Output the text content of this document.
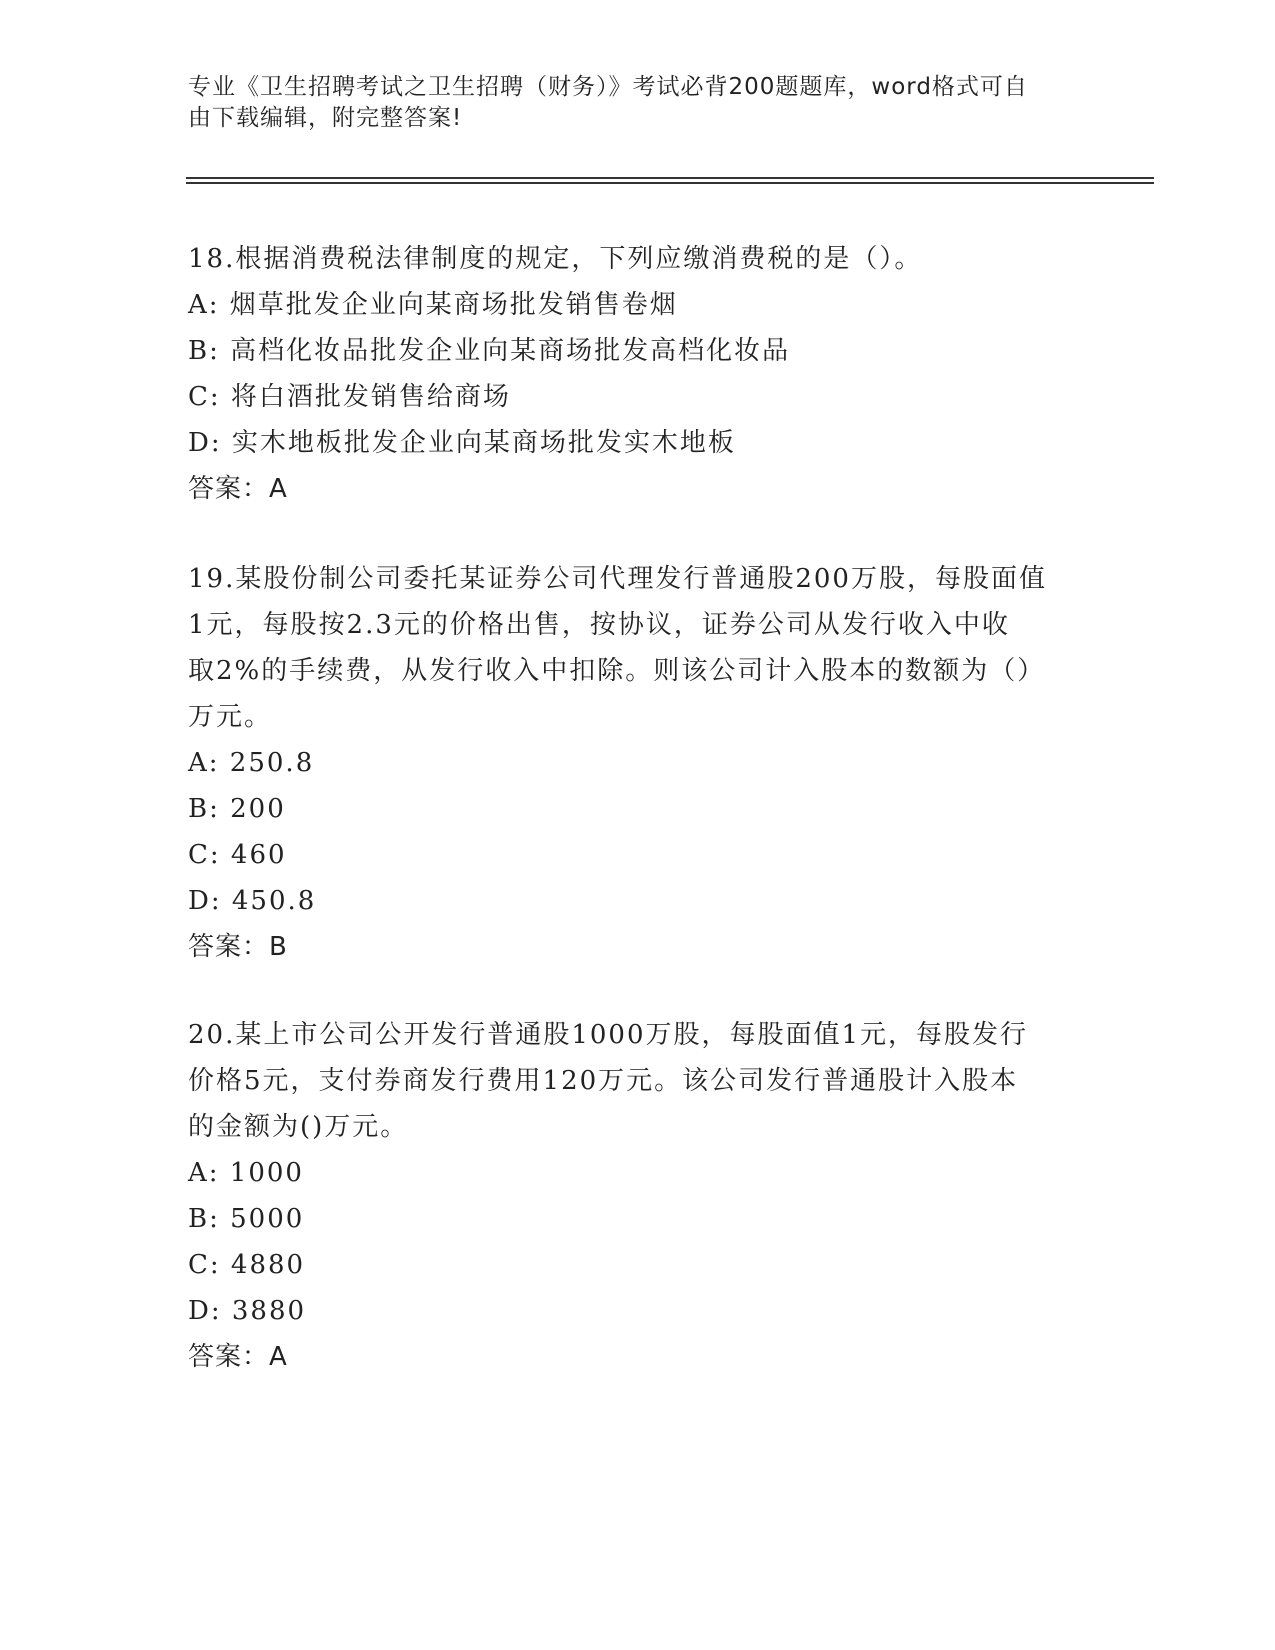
专业《卫生招聘考试之卫生招聘（财务）》考试必背200题题库，word格式可自
由下载编辑，附完整答案!
18.根据消费税法律制度的规定，下列应缴消费税的是（）。
A: 烟草批发企业向某商场批发销售卷烟
B: 高档化妆品批发企业向某商场批发高档化妆品
C: 将白酒批发销售给商场
D: 实木地板批发企业向某商场批发实木地板
答案：A
19.某股份制公司委托某证券公司代理发行普通股200万股，每股面值
1元，每股按2.3元的价格出售，按协议，证券公司从发行收入中收
取2%的手续费，从发行收入中扣除。则该公司计入股本的数额为（）
万元。
A: 250.8
B: 200
C: 460
D: 450.8
答案：B
20.某上市公司公开发行普通股1000万股，每股面值1元，每股发行
价格5元，支付券商发行费用120万元。该公司发行普通股计入股本
的金额为()万元。
A: 1000
B: 5000
C: 4880
D: 3880
答案：A
